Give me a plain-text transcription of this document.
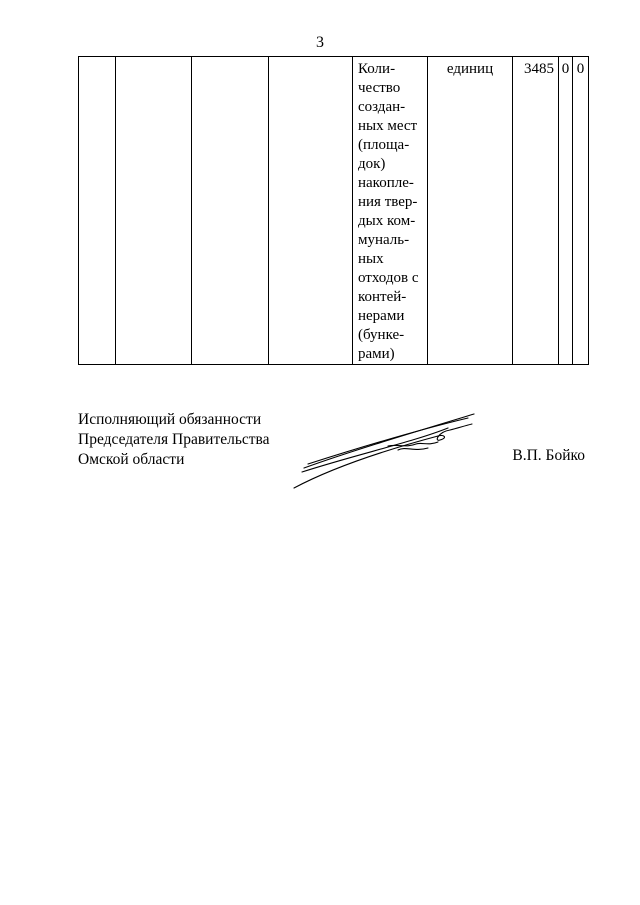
3
				Коли-
чество
создан-
ных мест
(площа-
док)
накопле-
ния твер-
дых ком-
муналь-
ных
отходов с
контей-
нерами
(бунке-
рами)	единиц	3485	0	0
Исполняющий обязанности
Председателя Правительства
Омской области	В.П. Бойко
